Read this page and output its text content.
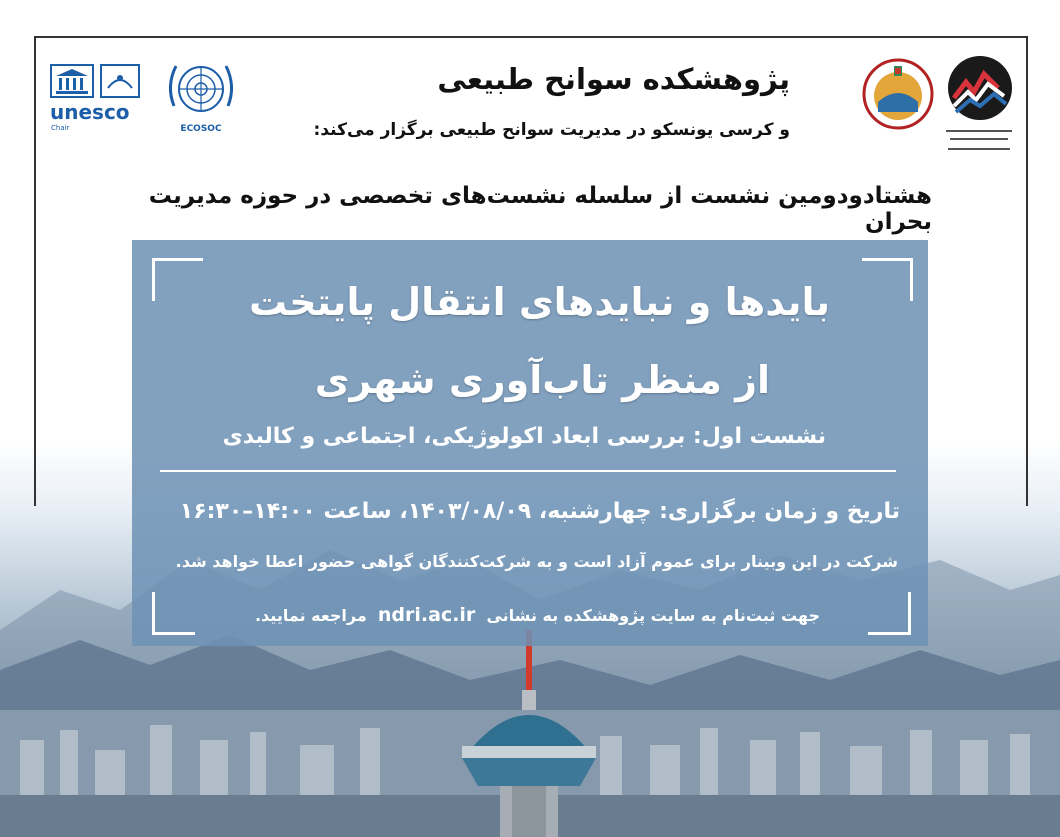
unesco
Chair	ECOSOC
پژوهشکده سوانح طبیعی
و کرسی یونسکو در مدیریت سوانح طبیعی برگزار می‌کند:
هشتادودومین نشست از سلسله نشست‌های تخصصی در حوزه مدیریت بحران
بایدها و نبایدهای انتقال پایتخت
از منظر تاب‌آوری شهری
نشست اول: بررسی ابعاد اکولوژیکی، اجتماعی و کالبدی
تاریخ و زمان برگزاری: چهارشنبه، ۱۴۰۳/۰۸/۰۹، ساعت ۱۴:۰۰–۱۶:۳۰
شرکت در این وبینار برای عموم آزاد است و به شرکت‌کنندگان گواهی حضور اعطا خواهد شد.
جهت ثبت‌نام به سایت پژوهشکده به نشانی  ndri.ac.ir  مراجعه نمایید.
